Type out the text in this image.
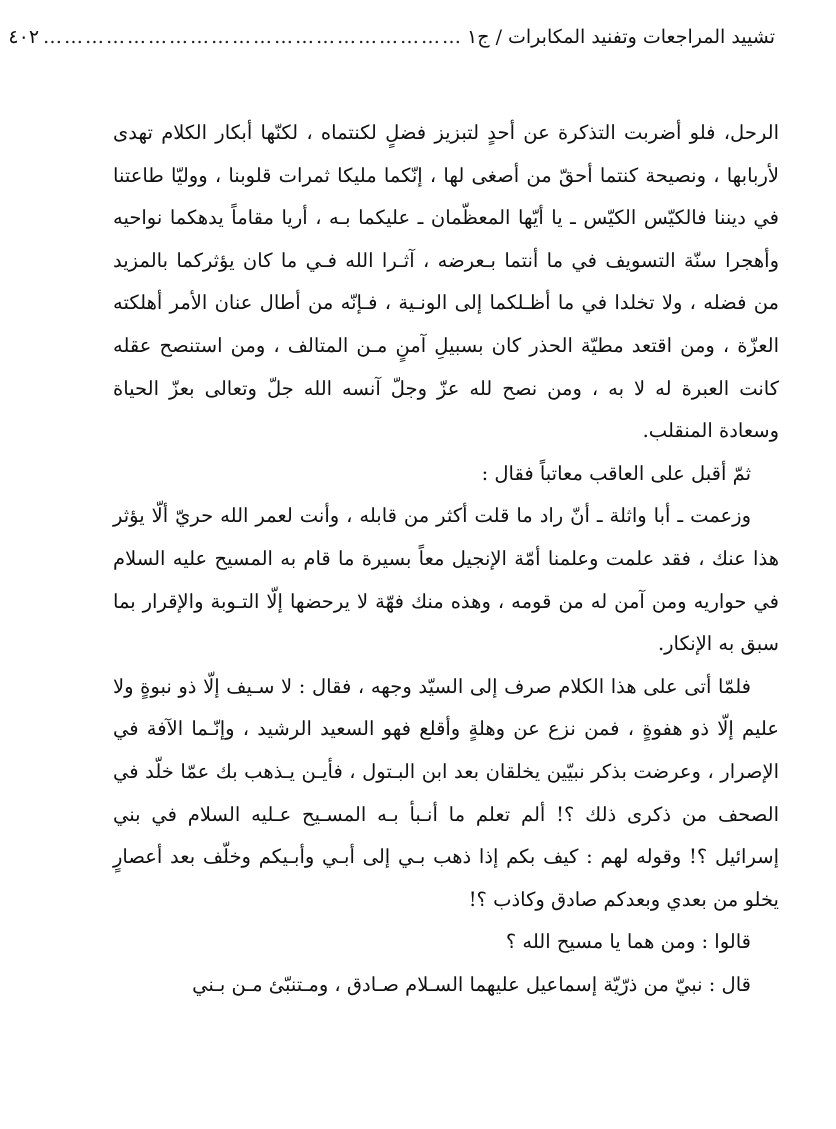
تشييد المراجعات وتفنيد المكابرات / ج١
……………………………………………………
٤٠٢

الرحل، فلو أضربت التذكرة عن أحدٍ لتبزيز فضلٍ لكنتماه ، لكنّها أبكار الكلام تهدى لأربابها ، ونصيحة كنتما أحقّ من أصغى لها ، إنّكما مليكا ثمرات قلوبنا ، ووليّا طاعتنا في ديننا فالكيّس الكيّس ـ يا أيّها المعظّمان ـ عليكما بـه ، أريا مقاماً يدهكما نواحيه وأهجرا سنّة التسويف في ما أنتما بـعرضه ، آثـرا الله فـي ما كان يؤثركما بالمزيد من فضله ، ولا تخلدا في ما أظـلكما إلى الونـية ، فـإنّه من أطال عنان الأمر أهلكته العزّة ، ومن اقتعد مطيّة الحذر كان بسبيلِ آمنٍ مـن المتالف ، ومن استنصح عقله كانت العبرة له لا به ، ومن نصح لله عزّ وجلّ آنسه الله جلّ وتعالى بعزّ الحياة وسعادة المنقلب.

ثمّ أقبل على العاقب معاتباً فقال :

وزعمت ـ أبا واثلة ـ أنّ راد ما قلت أكثر من قابله ، وأنت لعمر الله حريّ ألّا يؤثر هذا عنك ، فقد علمت وعلمنا أمّة الإنجيل معاً بسيرة ما قام به المسيح عليه السلام في حواريه ومن آمن له من قومه ، وهذه منك فهّة لا يرحضها إلّا التـوبة والإقرار بما سبق به الإنكار.

فلمّا أتى على هذا الكلام صرف إلى السيّد وجهه ، فقال : لا سـيف إلّا ذو نبوةٍ ولا عليم إلّا ذو هفوةٍ ، فمن نزع عن وهلةٍ وأقلع فهو السعيد الرشيد ، وإنّـما الآفة في الإصرار ، وعرضت بذكر نبيّين يخلقان بعد ابن البـتول ، فأيـن يـذهب بك عمّا خلّد في الصحف من ذكرى ذلك ؟! ألم تعلم ما أنـبأ بـه المسـيح عـليه السلام في بني إسرائيل ؟! وقوله لهم : كيف بكم إذا ذهب بـي إلى أبـي وأبـيكم وخلّف بعد أعصارٍ يخلو من بعدي وبعدكم صادق وكاذب ؟!

قالوا : ومن هما يا مسيح الله ؟

قال : نبيّ من ذرّيّة إسماعيل عليهما السـلام صـادق ، ومـتنبّئ مـن بـني
